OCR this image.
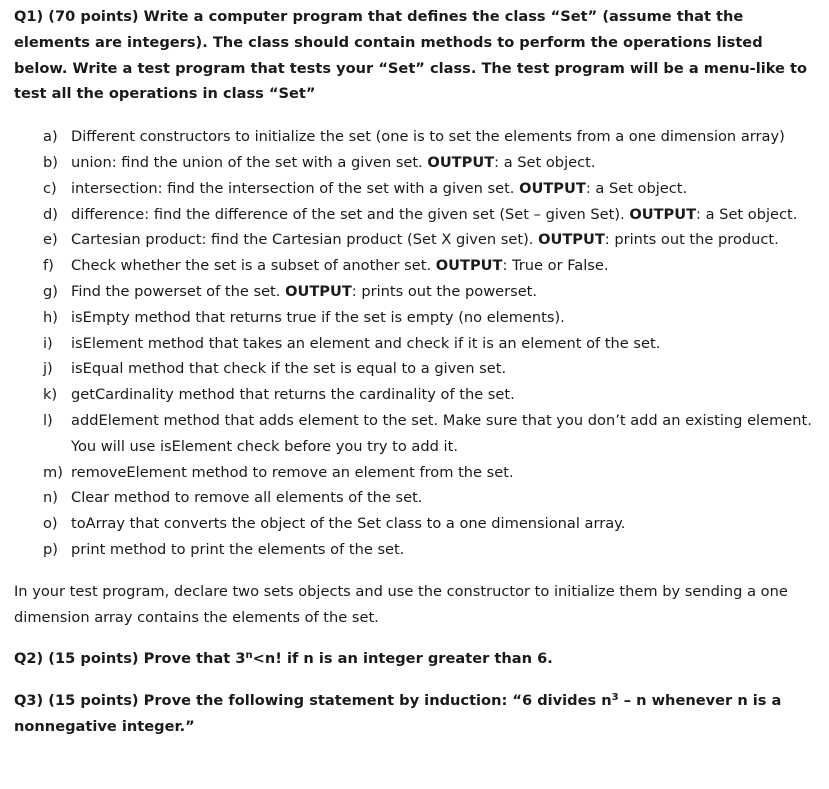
Q1) (70 points) Write a computer program that defines the class “Set” (assume that the elements are integers). The class should contain methods to perform the operations listed below. Write a test program that tests your “Set” class. The test program will be a menu-like to test all the operations in class “Set”

a) Different constructors to initialize the set (one is to set the elements from a one dimension array)
b) union: find the union of the set with a given set. OUTPUT: a Set object.
c) intersection: find the intersection of the set with a given set. OUTPUT: a Set object.
d) difference: find the difference of the set and the given set (Set – given Set). OUTPUT: a Set object.
e) Cartesian product: find the Cartesian product (Set X given set). OUTPUT: prints out the product.
f)	Check whether the set is a subset of another set. OUTPUT: True or False.
g) Find the powerset of the set. OUTPUT: prints out the powerset.
h) isEmpty method that returns true if the set is empty (no elements).
i)	isElement method that takes an element and check if it is an element of the set.
j)	isEqual method that check if the set is equal to a given set.
k) getCardinality method that returns the cardinality of the set.
l)	addElement method that adds element to the set. Make sure that you don’t add an existing element. You will use isElement check before you try to add it.
m) removeElement method to remove an element from the set.
n) Clear method to remove all elements of the set.
o) toArray that converts the object of the Set class to a one dimensional array.
p) print method to print the elements of the set.

In your test program, declare two sets objects and use the constructor to initialize them by sending a one dimension array contains the elements of the set.

Q2) (15 points) Prove that $3^n<n$! if n is an integer greater than 6.

Q3) (15 points) Prove the following statement by induction: “6 divides $n^3$ – n whenever n is a nonnegative integer.”
